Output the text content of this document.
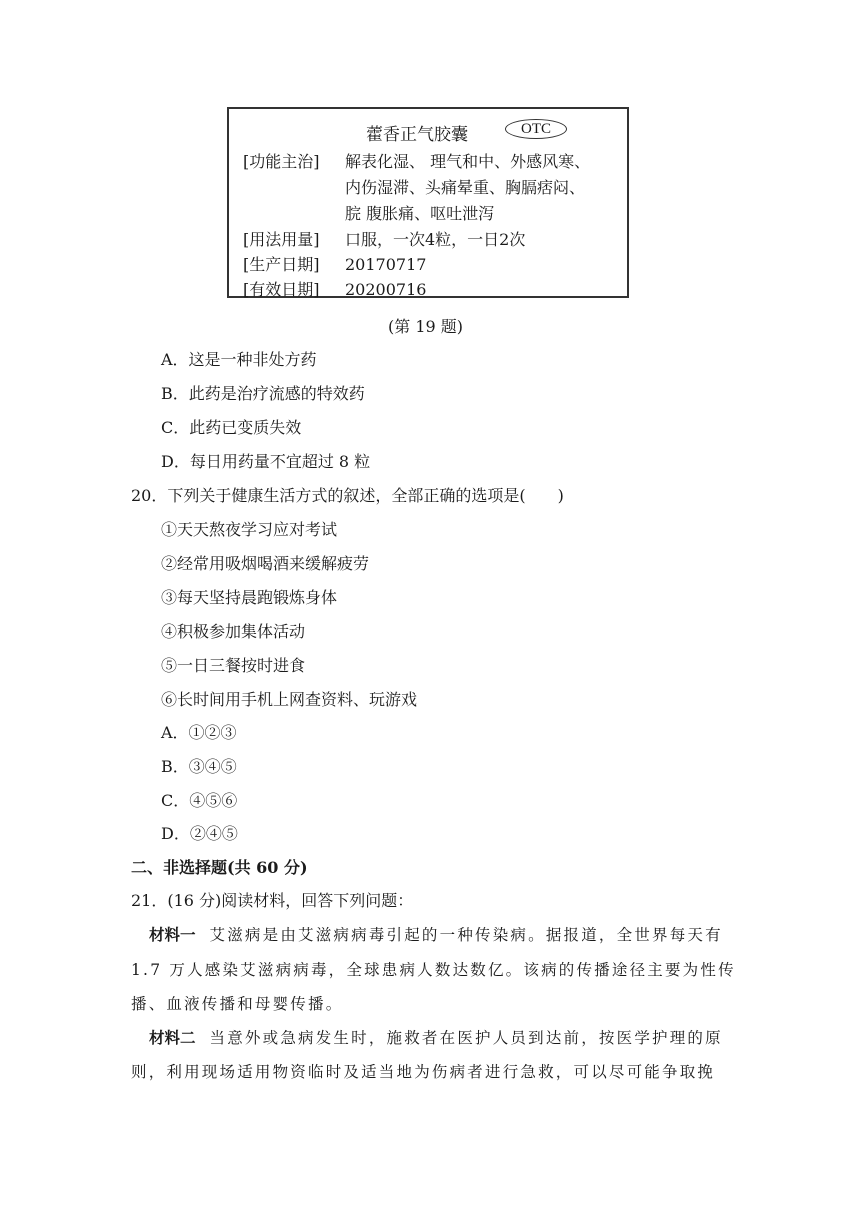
藿香正气胶囊	OTC
[功能主治] 解表化湿、 理气和中、外感风寒、
内伤湿滞、头痛晕重、胸膈痞闷、
脘 腹胀痛、呕吐泄泻
[用法用量] 口服，一次4粒，一日2次
[生产日期] 20170717
[有效日期] 20200716
(第 19 题)
A．这是一种非处方药
B．此药是治疗流感的特效药
C．此药已变质失效
D．每日用药量不宜超过 8 粒
20．下列关于健康生活方式的叙述，全部正确的选项是(　　)
①天天熬夜学习应对考试
②经常用吸烟喝酒来缓解疲劳
③每天坚持晨跑锻炼身体
④积极参加集体活动
⑤一日三餐按时进食
⑥长时间用手机上网查资料、玩游戏
A．①②③
B．③④⑤
C．④⑤⑥
D．②④⑤
二、非选择题(共 60 分)
21．(16 分)阅读材料，回答下列问题：
材料一 艾滋病是由艾滋病病毒引起的一种传染病。据报道，全世界每天有
1.7 万人感染艾滋病病毒，全球患病人数达数亿。该病的传播途径主要为性传
播、血液传播和母婴传播。
材料二 当意外或急病发生时，施救者在医护人员到达前，按医学护理的原
则，利用现场适用物资临时及适当地为伤病者进行急救，可以尽可能争取挽
